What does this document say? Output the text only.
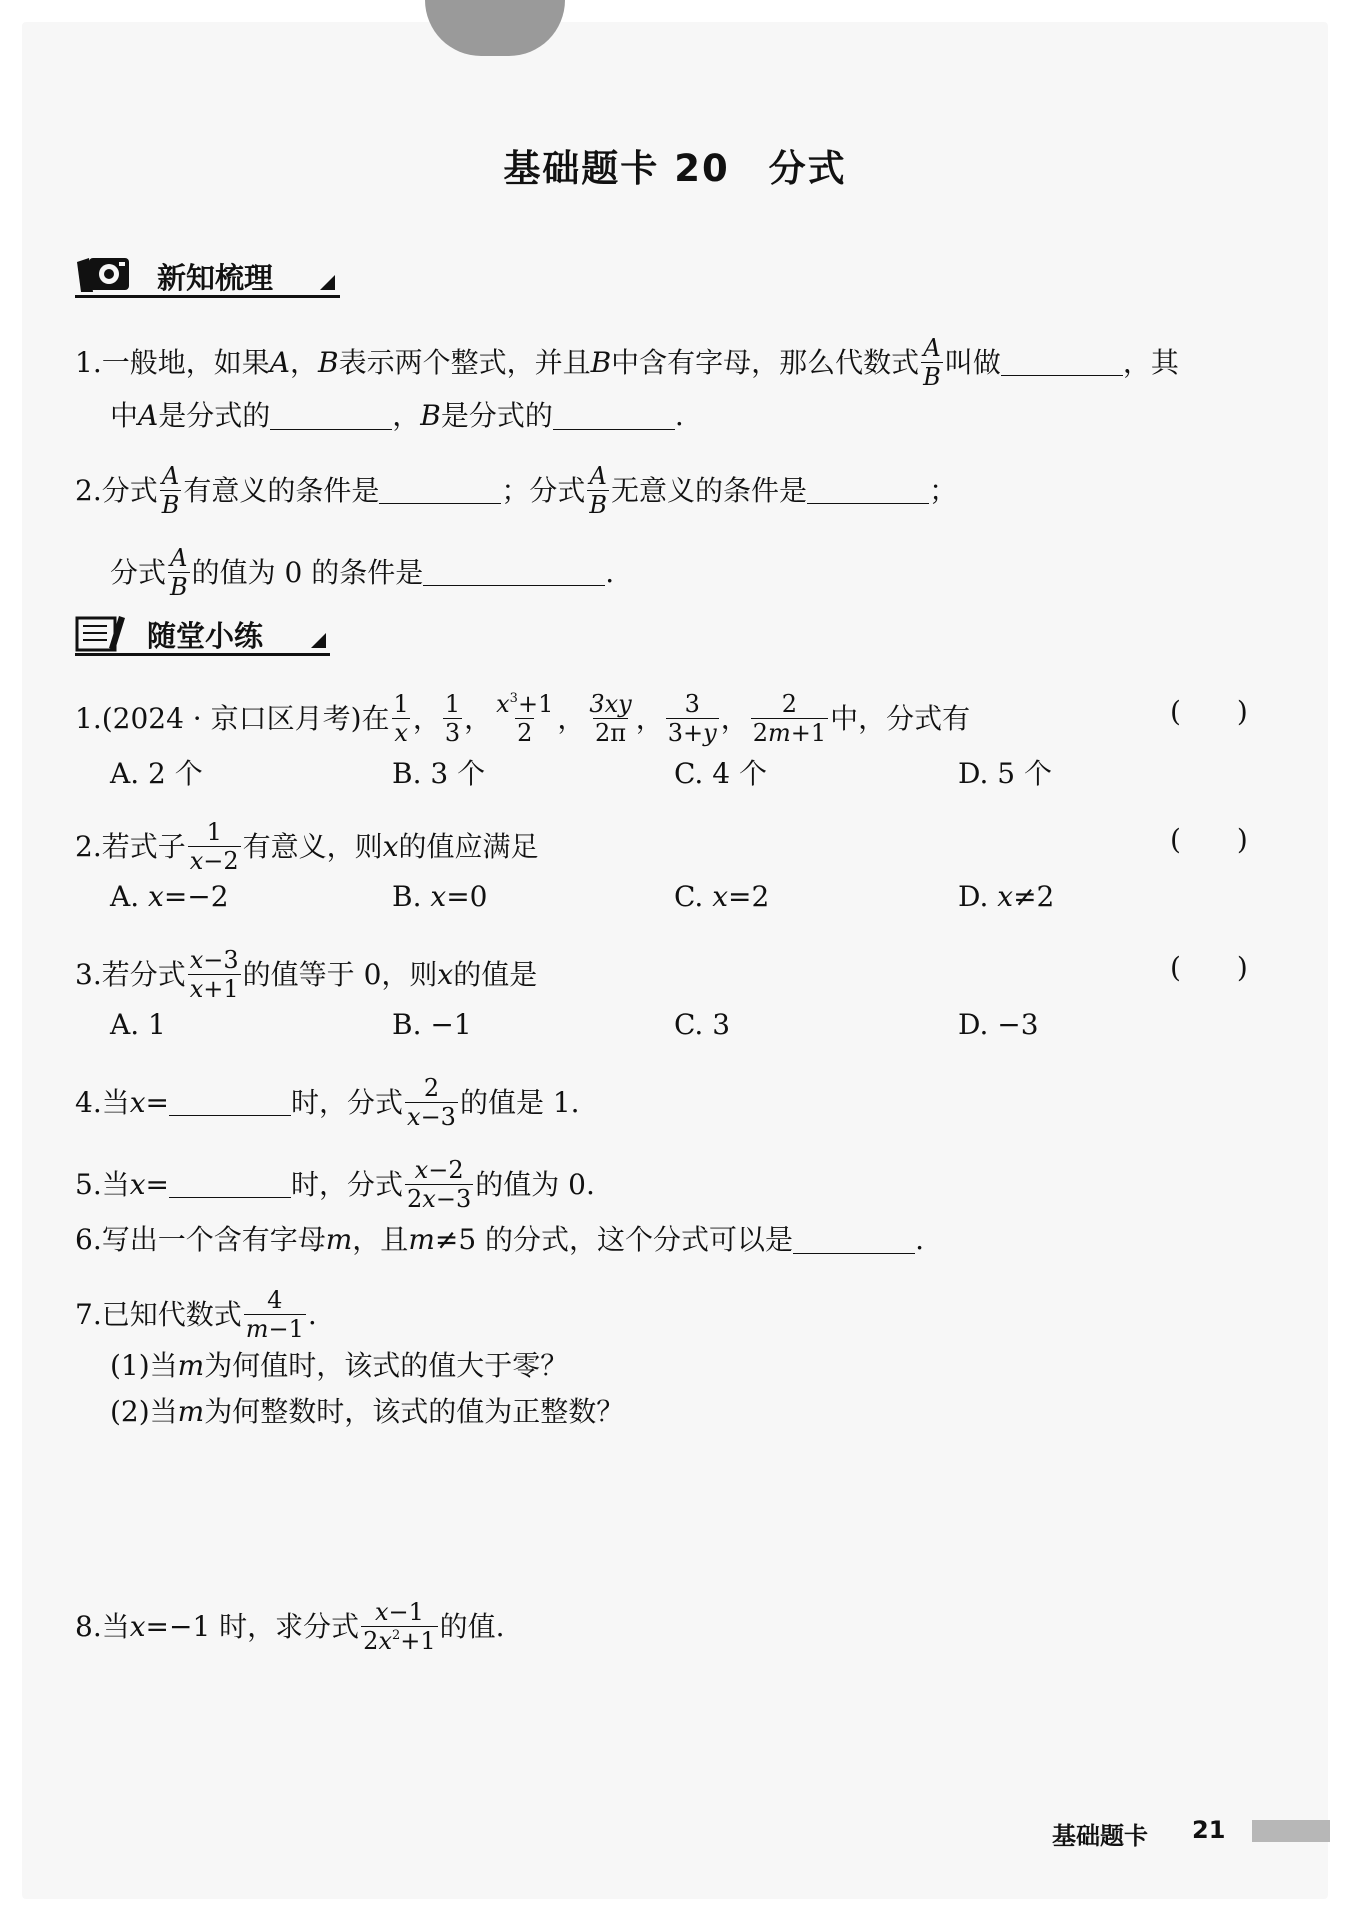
基础题卡 20　分式
新知梳理
1. 一般地，如果 A ， B 表示两个整式，并且 B 中含有字母，那么代数式 $\frac{A}{B}$ 叫做	，其
中 A 是分式的	， B 是分式的	.
2. 分式 $\frac{A}{B}$ 有意义的条件是	；分式 $\frac{A}{B}$ 无意义的条件是	；
分式 $\frac{A}{B}$ 的值为 0 的条件是	.
随堂小练
1. (2024 · 京口区月考)在 $\frac{1}{x}$ ， $\frac{1}{3}$ ， $\frac{x^3+1}{2}$ ， $\frac{3xy}{2\pi}$ ， $\frac{3}{3+y}$ ， $\frac{2}{2m+1}$ 中，分式有	(　　)
A. 2 个	B. 3 个	C. 4 个	D. 5 个
2. 若式子 $\frac{1}{x-2}$ 有意义，则 x 的值应满足	(　　)
A. x=−2	B. x=0	C. x=2	D. x≠2
3. 若分式 $\frac{x-3}{x+1}$ 的值等于 0，则 x 的值是	(　　)
A. 1	B. −1	C. 3	D. −3
4. 当 x =	时，分式 $\frac{2}{x-3}$ 的值是 1.
5. 当 x =	时，分式 $\frac{x-2}{2x-3}$ 的值为 0.
6. 写出一个含有字母 m ，且 m ≠5 的分式，这个分式可以是	.
7. 已知代数式 $\frac{4}{m-1}$ .
(1)当 m 为何值时，该式的值大于零？
(2)当 m 为何整数时，该式的值为正整数？
8. 当 x =−1 时，求分式 $\frac{x-1}{2x^2+1}$ 的值.
基础题卡 21
